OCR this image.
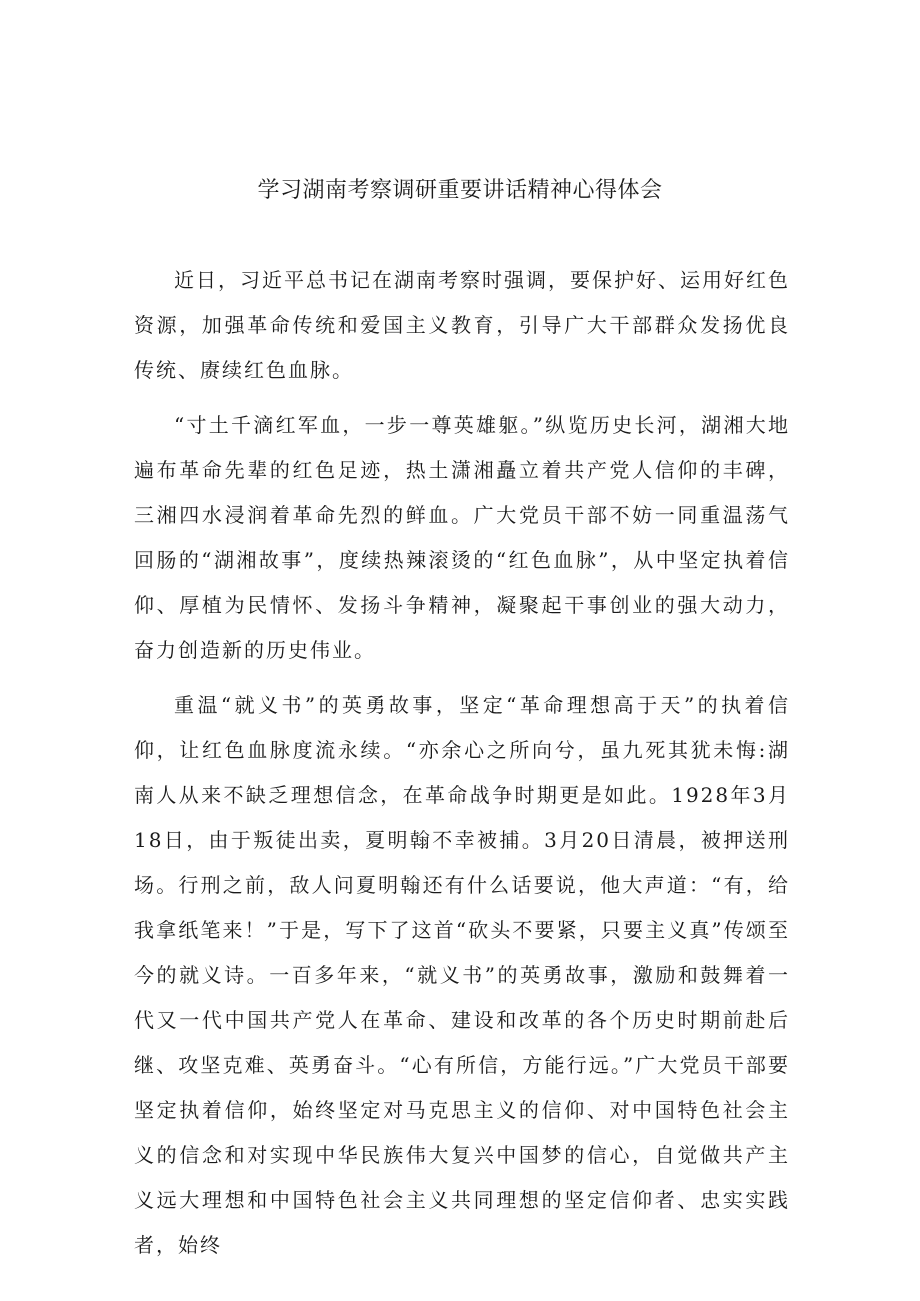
学习湖南考察调研重要讲话精神心得体会

近日，习近平总书记在湖南考察时强调，要保护好、运用好红色资源，加强革命传统和爱国主义教育，引导广大干部群众发扬优良传统、赓续红色血脉。

“寸土千滴红军血，一步一尊英雄躯。”纵览历史长河，湖湘大地遍布革命先辈的红色足迹，热土潇湘矗立着共产党人信仰的丰碑，三湘四水浸润着革命先烈的鲜血。广大党员干部不妨一同重温荡气回肠的“湖湘故事”，度续热辣滚烫的“红色血脉”，从中坚定执着信仰、厚植为民情怀、发扬斗争精神，凝聚起干事创业的强大动力，奋力创造新的历史伟业。

重温“就义书”的英勇故事，坚定“革命理想高于天”的执着信仰，让红色血脉度流永续。“亦余心之所向兮，虽九死其犹未悔:湖南人从来不缺乏理想信念，在革命战争时期更是如此。1928年3月18日，由于叛徒出卖，夏明翰不幸被捕。3月20日清晨，被押送刑场。行刑之前，敌人问夏明翰还有什么话要说，他大声道：“有，给我拿纸笔来！”于是，写下了这首“砍头不要紧，只要主义真”传颂至今的就义诗。一百多年来，“就义书”的英勇故事，激励和鼓舞着一代又一代中国共产党人在革命、建设和改革的各个历史时期前赴后继、攻坚克难、英勇奋斗。“心有所信，方能行远。”广大党员干部要坚定执着信仰，始终坚定对马克思主义的信仰、对中国特色社会主义的信念和对实现中华民族伟大复兴中国梦的信心，自觉做共产主义远大理想和中国特色社会主义共同理想的坚定信仰者、忠实实践者，始终
